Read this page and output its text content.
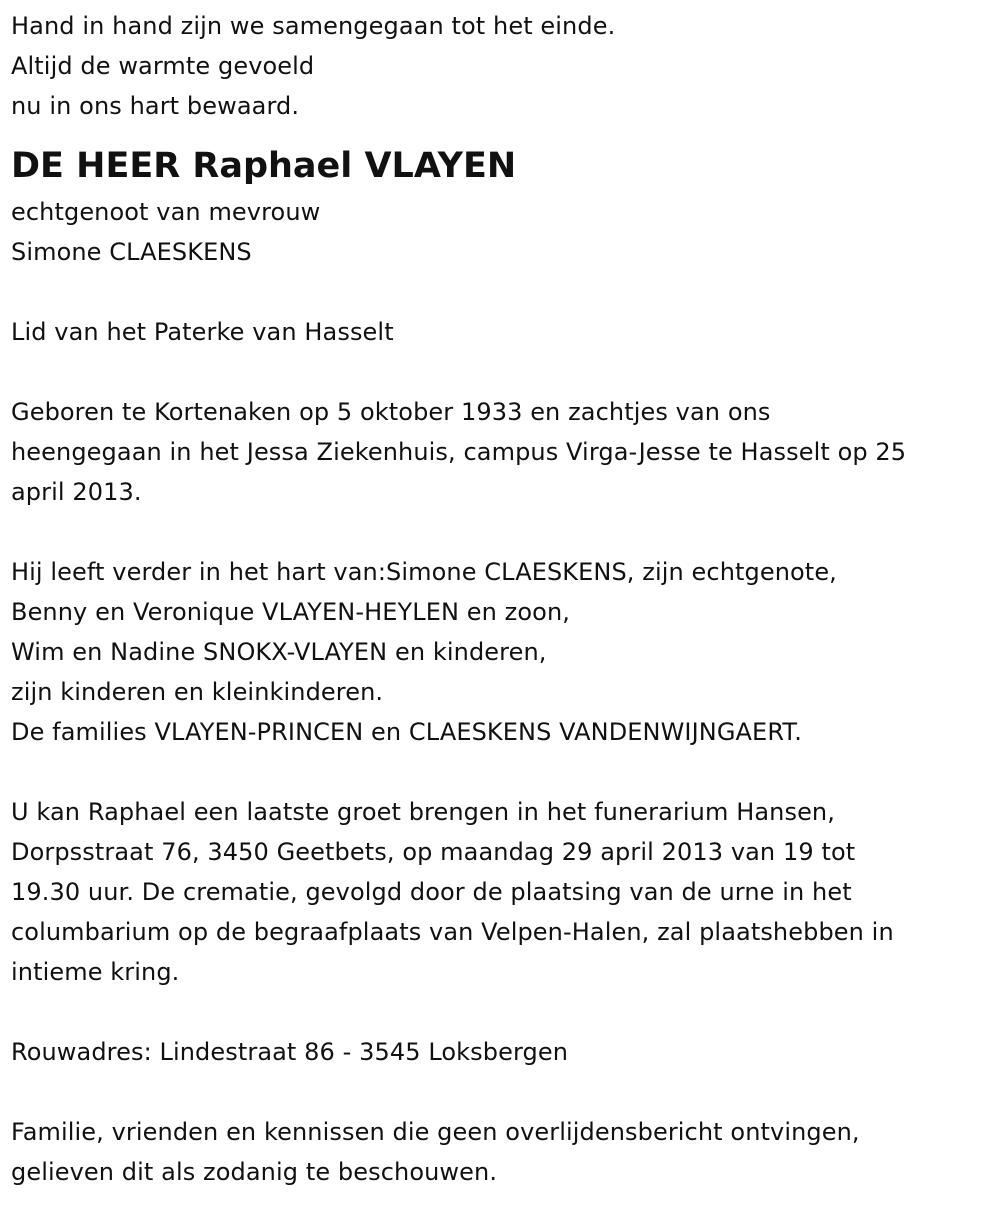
Hand in hand zijn we samengegaan tot het einde.
Altijd de warmte gevoeld
nu in ons hart bewaard.
DE HEER Raphael VLAYEN
echtgenoot van mevrouw
Simone CLAESKENS
Lid van het Paterke van Hasselt
Geboren te Kortenaken op 5 oktober 1933 en zachtjes van ons
heengegaan in het Jessa Ziekenhuis, campus Virga-Jesse te Hasselt op 25
april 2013.
Hij leeft verder in het hart van:Simone CLAESKENS, zijn echtgenote,
Benny en Veronique VLAYEN-HEYLEN en zoon,
Wim en Nadine SNOKX-VLAYEN en kinderen,
zijn kinderen en kleinkinderen.
De families VLAYEN-PRINCEN en CLAESKENS VANDENWIJNGAERT.
U kan Raphael een laatste groet brengen in het funerarium Hansen,
Dorpsstraat 76, 3450 Geetbets, op maandag 29 april 2013 van 19 tot
19.30 uur. De crematie, gevolgd door de plaatsing van de urne in het
columbarium op de begraafplaats van Velpen-Halen, zal plaatshebben in
intieme kring.
Rouwadres: Lindestraat 86 - 3545 Loksbergen
Familie, vrienden en kennissen die geen overlijdensbericht ontvingen,
gelieven dit als zodanig te beschouwen.
